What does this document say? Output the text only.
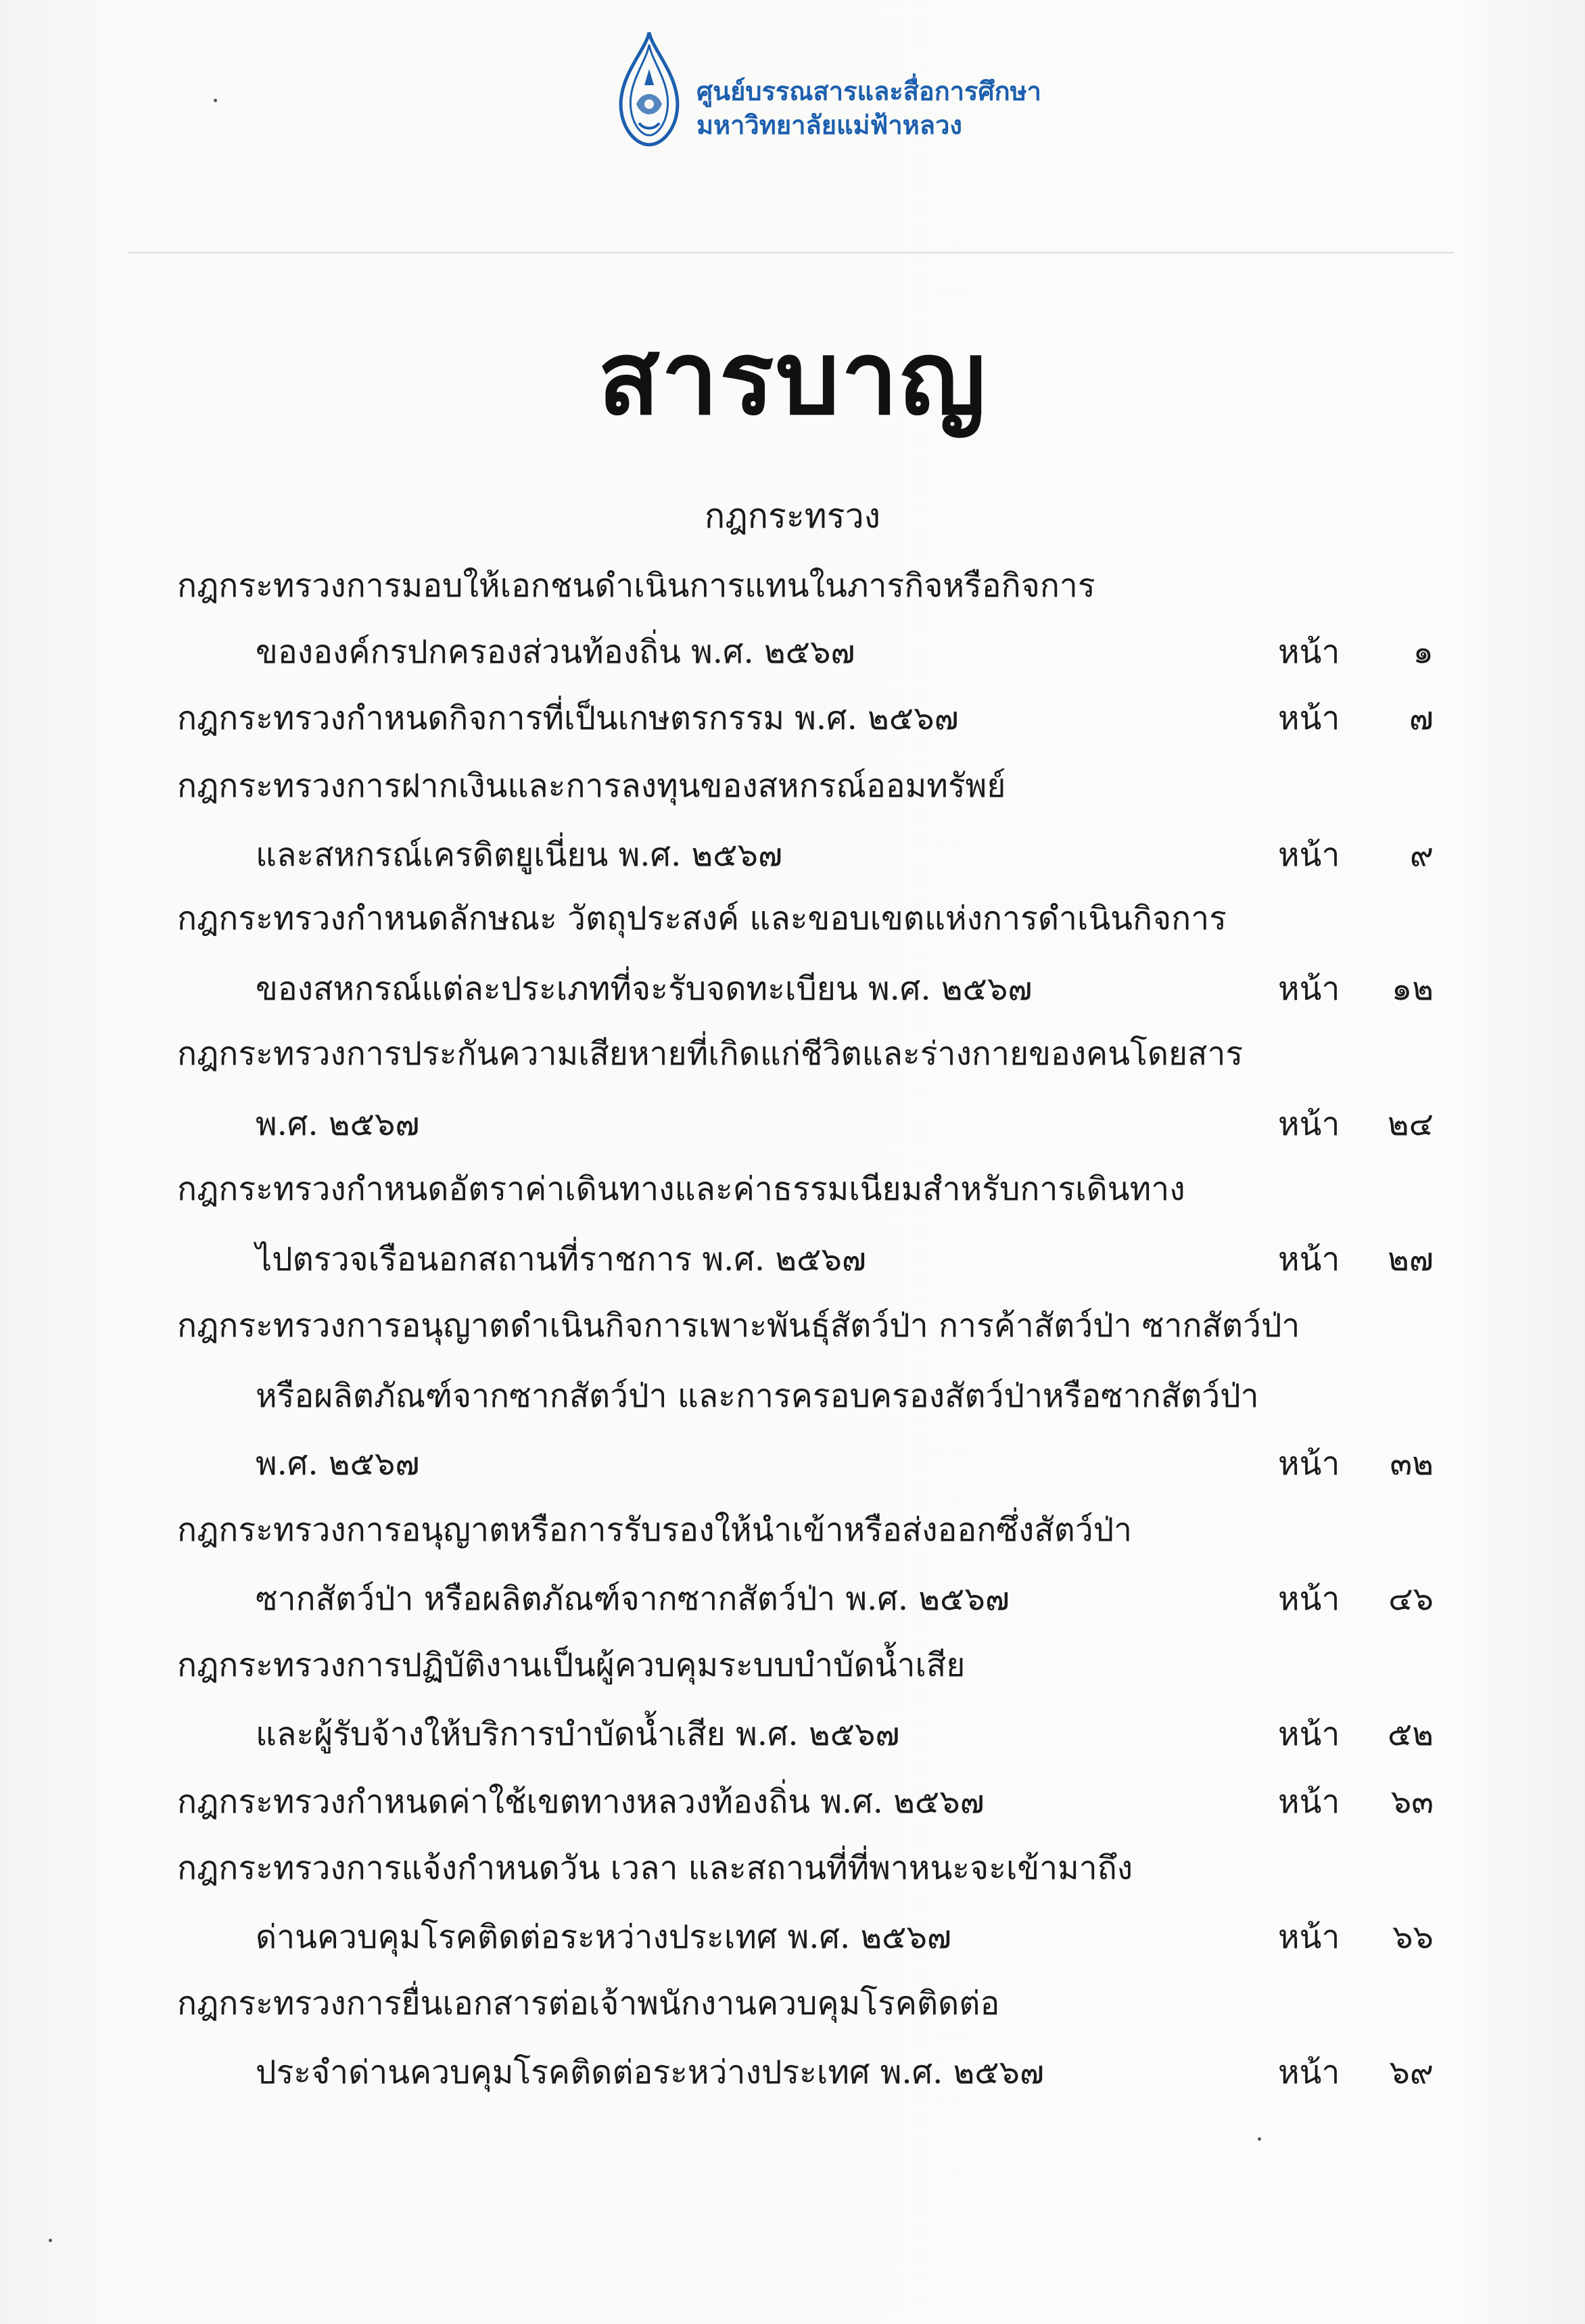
ศูนย์บรรณสารและสื่อการศึกษา
มหาวิทยาลัยแม่ฟ้าหลวง
สารบาญ
กฎกระทรวง
กฎกระทรวงการมอบให้เอกชนดำเนินการแทนในภารกิจหรือกิจการ
ขององค์กรปกครองส่วนท้องถิ่น พ.ศ. ๒๕๖๗	หน้า	๑
กฎกระทรวงกำหนดกิจการที่เป็นเกษตรกรรม พ.ศ. ๒๕๖๗	หน้า	๗
กฎกระทรวงการฝากเงินและการลงทุนของสหกรณ์ออมทรัพย์
และสหกรณ์เครดิตยูเนี่ยน พ.ศ. ๒๕๖๗	หน้า	๙
กฎกระทรวงกำหนดลักษณะ วัตถุประสงค์ และขอบเขตแห่งการดำเนินกิจการ
ของสหกรณ์แต่ละประเภทที่จะรับจดทะเบียน พ.ศ. ๒๕๖๗	หน้า	๑๒
กฎกระทรวงการประกันความเสียหายที่เกิดแก่ชีวิตและร่างกายของคนโดยสาร
พ.ศ. ๒๕๖๗	หน้า	๒๔
กฎกระทรวงกำหนดอัตราค่าเดินทางและค่าธรรมเนียมสำหรับการเดินทาง
ไปตรวจเรือนอกสถานที่ราชการ พ.ศ. ๒๕๖๗	หน้า	๒๗
กฎกระทรวงการอนุญาตดำเนินกิจการเพาะพันธุ์สัตว์ป่า การค้าสัตว์ป่า ซากสัตว์ป่า
หรือผลิตภัณฑ์จากซากสัตว์ป่า และการครอบครองสัตว์ป่าหรือซากสัตว์ป่า
พ.ศ. ๒๕๖๗	หน้า	๓๒
กฎกระทรวงการอนุญาตหรือการรับรองให้นำเข้าหรือส่งออกซึ่งสัตว์ป่า
ซากสัตว์ป่า หรือผลิตภัณฑ์จากซากสัตว์ป่า พ.ศ. ๒๕๖๗	หน้า	๔๖
กฎกระทรวงการปฏิบัติงานเป็นผู้ควบคุมระบบบำบัดน้ำเสีย
และผู้รับจ้างให้บริการบำบัดน้ำเสีย พ.ศ. ๒๕๖๗	หน้า	๕๒
กฎกระทรวงกำหนดค่าใช้เขตทางหลวงท้องถิ่น พ.ศ. ๒๕๖๗	หน้า	๖๓
กฎกระทรวงการแจ้งกำหนดวัน เวลา และสถานที่ที่พาหนะจะเข้ามาถึง
ด่านควบคุมโรคติดต่อระหว่างประเทศ พ.ศ. ๒๕๖๗	หน้า	๖๖
กฎกระทรวงการยื่นเอกสารต่อเจ้าพนักงานควบคุมโรคติดต่อ
ประจำด่านควบคุมโรคติดต่อระหว่างประเทศ พ.ศ. ๒๕๖๗	หน้า	๖๙
